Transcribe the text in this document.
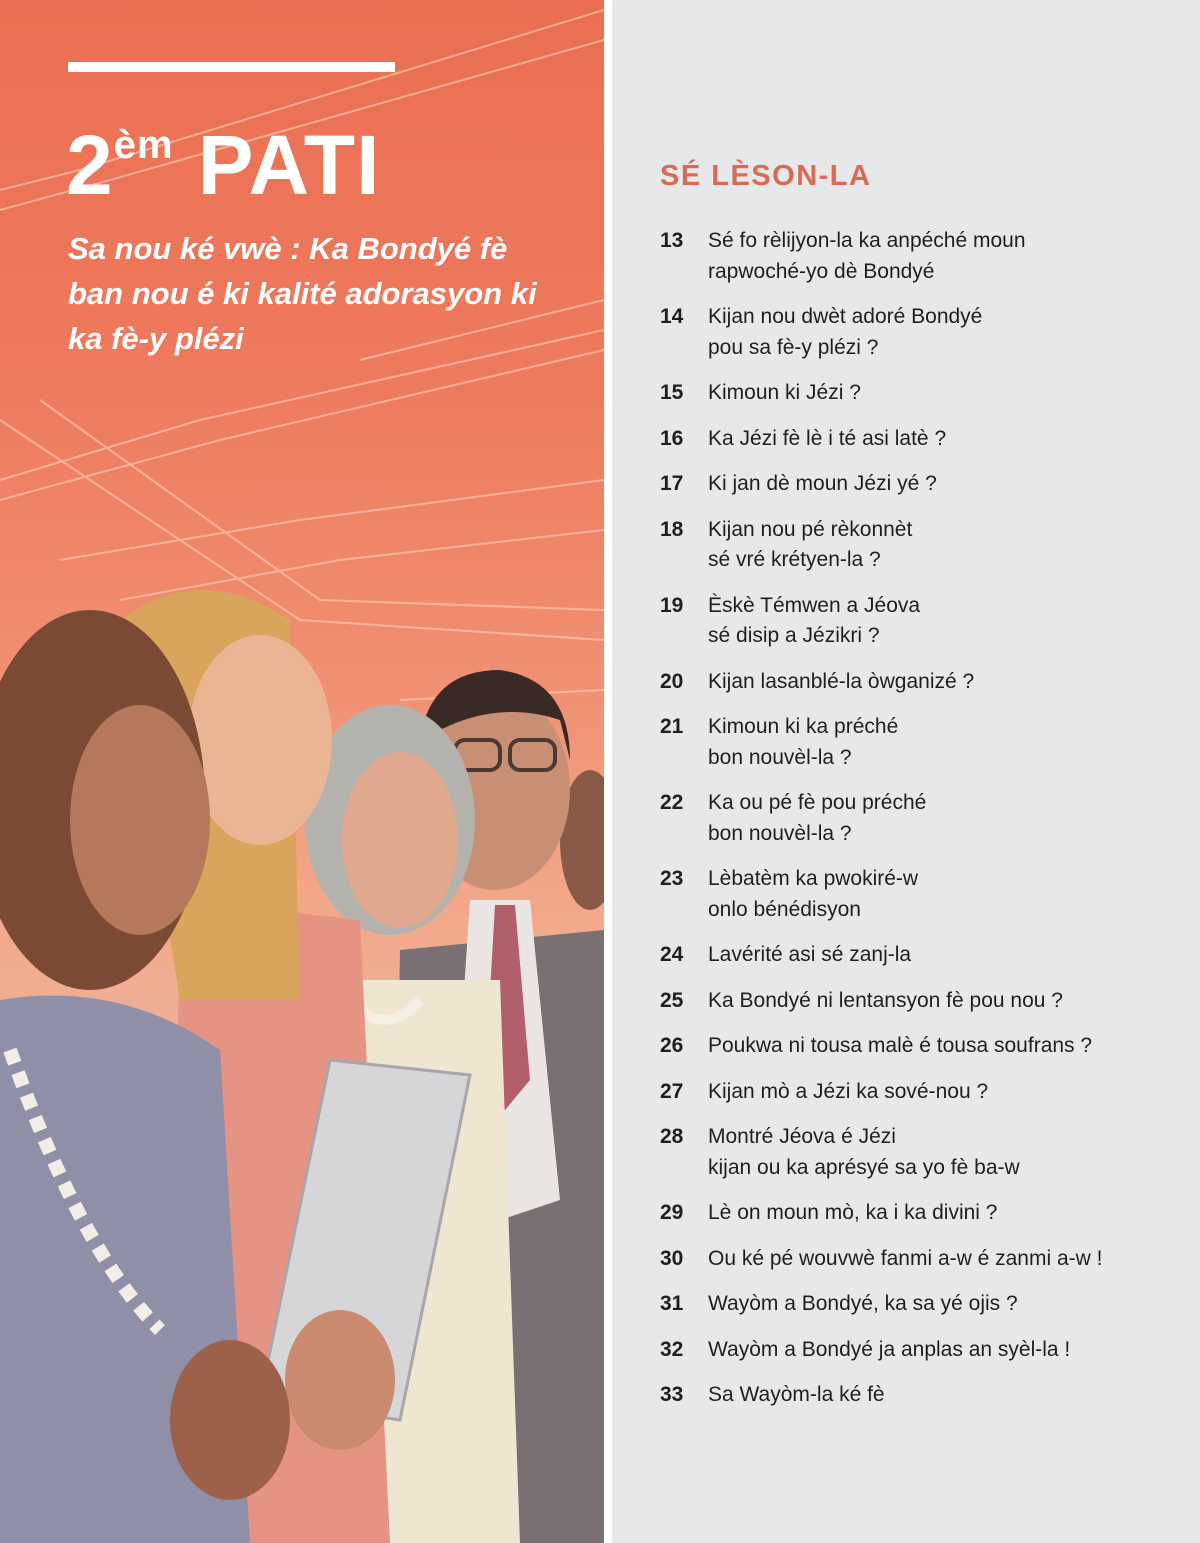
$2^{èm}$ PATI
Sa nou ké vwè : Ka Bondyé fè ban nou é ki kalité adorasyon ki ka fè-y plézi
SÉ LÈSON-LA
13	Sé fo rèlijyon-la ka anpéché moun
rapwoché-yo dè Bondyé
14	Kijan nou dwèt adoré Bondyé
pou sa fè-y plézi ?
15	Kimoun ki Jézi ?
16	Ka Jézi fè lè i té asi latè ?
17	Ki jan dè moun Jézi yé ?
18	Kijan nou pé rèkonnèt
sé vré krétyen-la ?
19	Èskè Témwen a Jéova
sé disip a Jézikri ?
20	Kijan lasanblé-la òwganizé ?
21	Kimoun ki ka préché
bon nouvèl-la ?
22	Ka ou pé fè pou préché
bon nouvèl-la ?
23	Lèbatèm ka pwokiré-w
onlo bénédisyon
24	Lavérité asi sé zanj-la
25	Ka Bondyé ni lentansyon fè pou nou ?
26	Poukwa ni tousa malè é tousa soufrans ?
27	Kijan mò a Jézi ka sové-nou ?
28	Montré Jéova é Jézi
kijan ou ka aprésyé sa yo fè ba-w
29	Lè on moun mò, ka i ka divini ?
30	Ou ké pé wouvwè fanmi a-w é zanmi a-w !
31	Wayòm a Bondyé, ka sa yé ojis ?
32	Wayòm a Bondyé ja anplas an syèl-la !
33	Sa Wayòm-la ké fè
